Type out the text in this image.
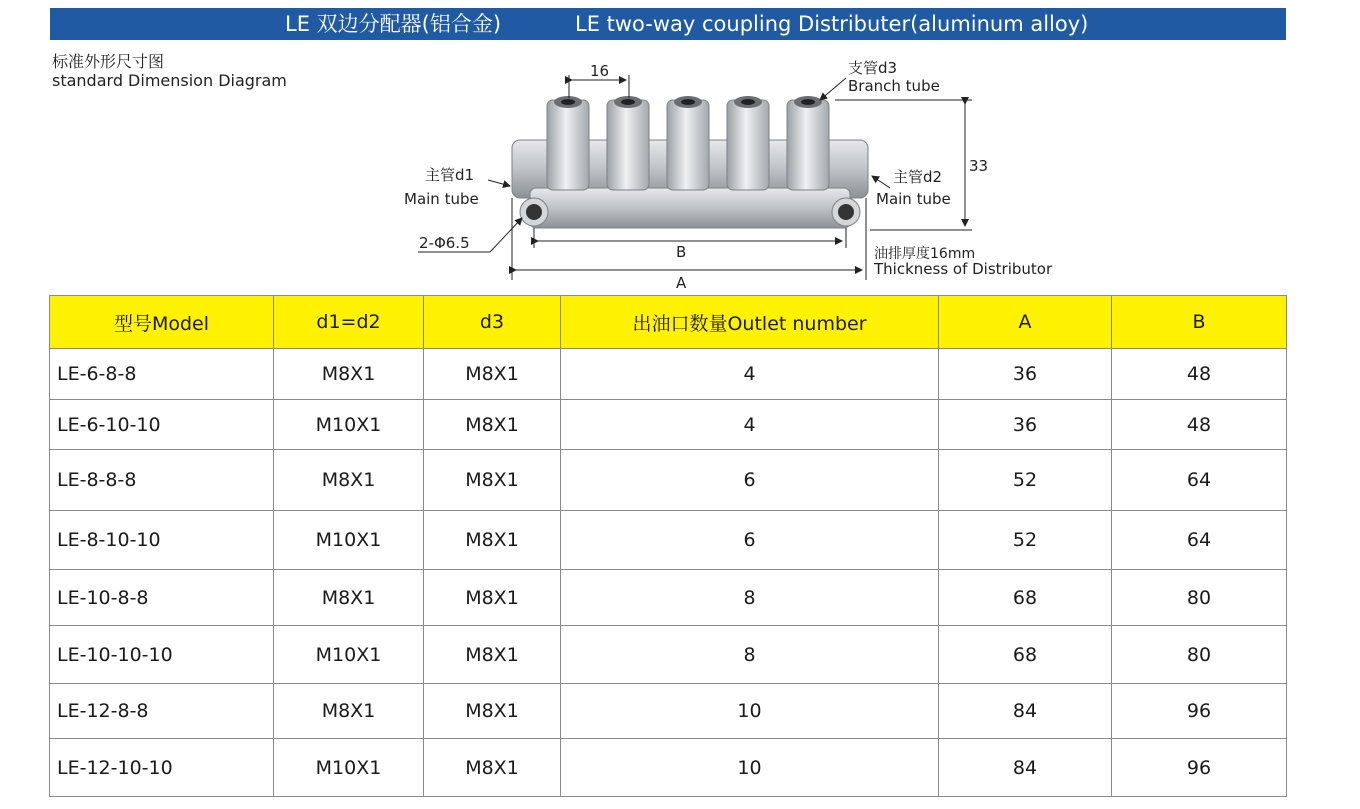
LE 双边分配器(铝合金)	LE two-way coupling Distributer(aluminum alloy)
标准外形尺寸图
standard Dimension Diagram	16
33
B
A
支管d3
Branch tube
主管d1
Main tube
主管d2
Main tube
2-Φ6.5
油排厚度16mm
Thickness of Distributor
型号Model	d1=d2	d3	出油口数量Outlet number	A	B
LE-6-8-8	M8X1	M8X1	4	36	48
LE-6-10-10	M10X1	M8X1	4	36	48
LE-8-8-8	M8X1	M8X1	6	52	64
LE-8-10-10	M10X1	M8X1	6	52	64
LE-10-8-8	M8X1	M8X1	8	68	80
LE-10-10-10	M10X1	M8X1	8	68	80
LE-12-8-8	M8X1	M8X1	10	84	96
LE-12-10-10	M10X1	M8X1	10	84	96
